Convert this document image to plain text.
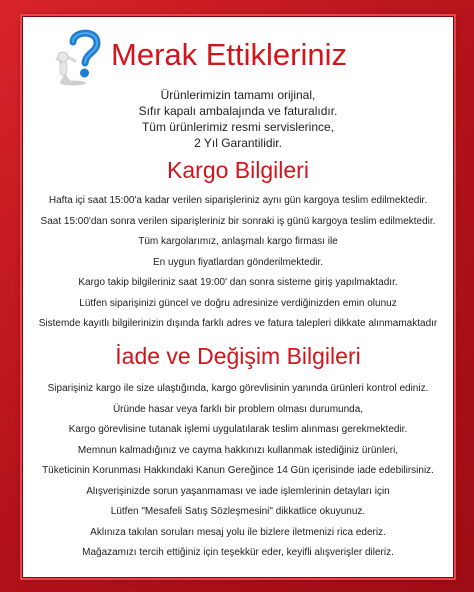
Merak Ettikleriniz
Ürünlerimizin tamamı orijinal,
Sıfır kapalı ambalajında ve faturalıdır.
Tüm ürünlerimiz resmi servislerince,
2 Yıl Garantilidir.
Kargo Bilgileri
Hafta içi saat 15:00'a kadar verilen siparişleriniz aynı gün kargoya teslim edilmektedir.
Saat 15:00'dan sonra verilen siparişleriniz bir sonraki iş günü kargoya teslim edilmektedir.
Tüm kargolarımız, anlaşmalı kargo firması ile
En uygun fiyatlardan gönderilmektedir.
Kargo takip bilgileriniz saat 19:00' dan sonra sisteme giriş yapılmaktadır.
Lütfen siparişinizi güncel ve doğru adresinize verdiğinizden emin olunuz
Sistemde kayıtlı bilgilerinizin dışında farklı adres ve fatura talepleri dikkate alınmamaktadır
İade ve Değişim Bilgileri
Siparişiniz kargo ile size ulaştığında, kargo görevlisinin yanında ürünleri kontrol ediniz.
Üründe hasar veya farklı bir problem olması durumunda,
Kargo görevlisine tutanak işlemi uygulatılarak teslim alınması gerekmektedir.
Memnun kalmadığınız ve cayma hakkınızı kullanmak istediğiniz ürünleri,
Tüketicinin Korunması Hakkındaki Kanun Gereğince 14 Gün içerisinde iade edebilirsiniz.
Alışverişinizde sorun yaşanmaması ve iade işlemlerinin detayları için
Lütfen "Mesafeli Satış Sözleşmesini" dikkatlice okuyunuz.
Aklınıza takılan soruları mesaj yolu ile bizlere iletmenizi rica ederiz.
Mağazamızı tercih ettiğiniz için teşekkür eder, keyifli alışverişler dileriz.
